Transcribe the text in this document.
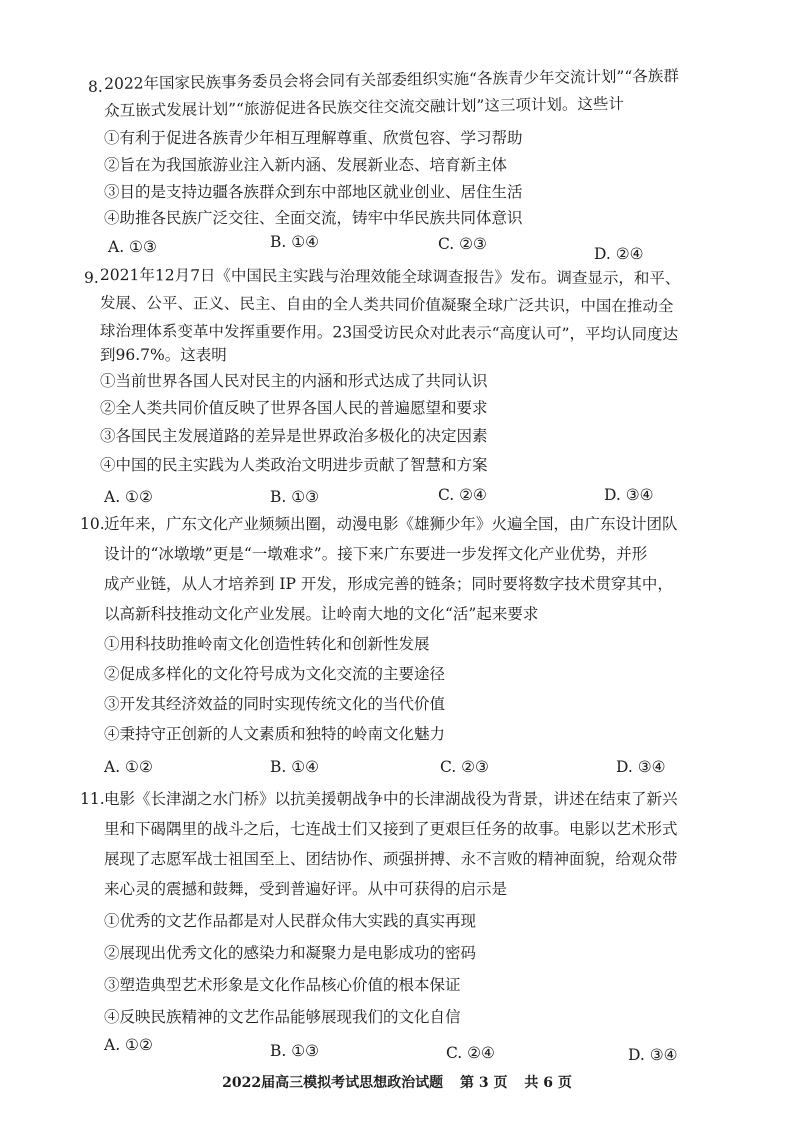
8. 2022年国家民族事务委员会将会同有关部委组织实施“各族青少年交流计划”“各族群
众互嵌式发展计划”“旅游促进各民族交往交流交融计划”这三项计划。这些计
①有利于促进各族青少年相互理解尊重、欣赏包容、学习帮助
②旨在为我国旅游业注入新内涵、发展新业态、培育新主体
③目的是支持边疆各族群众到东中部地区就业创业、居住生活
④助推各民族广泛交往、全面交流，铸牢中华民族共同体意识
A. ①③	B. ①④	C. ②③
D. ②④
9. 2021年12月7日《中国民主实践与治理效能全球调查报告》发布。调查显示，和平、
发展、公平、正义、民主、自由的全人类共同价值凝聚全球广泛共识，中国在推动全
球治理体系变革中发挥重要作用。23国受访民众对此表示“高度认可”，平均认同度达
到96.7%。这表明
①当前世界各国人民对民主的内涵和形式达成了共同认识
②全人类共同价值反映了世界各国人民的普遍愿望和要求
③各国民主发展道路的差异是世界政治多极化的决定因素
④中国的民主实践为人类政治文明进步贡献了智慧和方案
A. ①②	B. ①③	C. ②④	D. ③④
10. 近年来，广东文化产业频频出圈，动漫电影《雄狮少年》火遍全国，由广东设计团队
设计的“冰墩墩”更是“一墩难求”。接下来广东要进一步发挥文化产业优势，并形
成产业链，从人才培养到 IP 开发，形成完善的链条；同时要将数字技术贯穿其中，
以高新科技推动文化产业发展。让岭南大地的文化“活”起来要求
①用科技助推岭南文化创造性转化和创新性发展
②促成多样化的文化符号成为文化交流的主要途径
③开发其经济效益的同时实现传统文化的当代价值
④秉持守正创新的人文素质和独特的岭南文化魅力
A. ①②	B. ①④	C. ②③	D. ③④
11. 电影《长津湖之水门桥》以抗美援朝战争中的长津湖战役为背景，讲述在结束了新兴
里和下碣隅里的战斗之后，七连战士们又接到了更艰巨任务的故事。电影以艺术形式
展现了志愿军战士祖国至上、团结协作、顽强拼搏、永不言败的精神面貌，给观众带
来心灵的震撼和鼓舞，受到普遍好评。从中可获得的启示是
①优秀的文艺作品都是对人民群众伟大实践的真实再现
②展现出优秀文化的感染力和凝聚力是电影成功的密码
③塑造典型艺术形象是文化作品核心价值的根本保证
④反映民族精神的文艺作品能够展现我们的文化自信
A. ①②	B. ①③	C. ②④	D. ③④
2022届高三模拟考试思想政治试题 第 3 页 共 6 页
